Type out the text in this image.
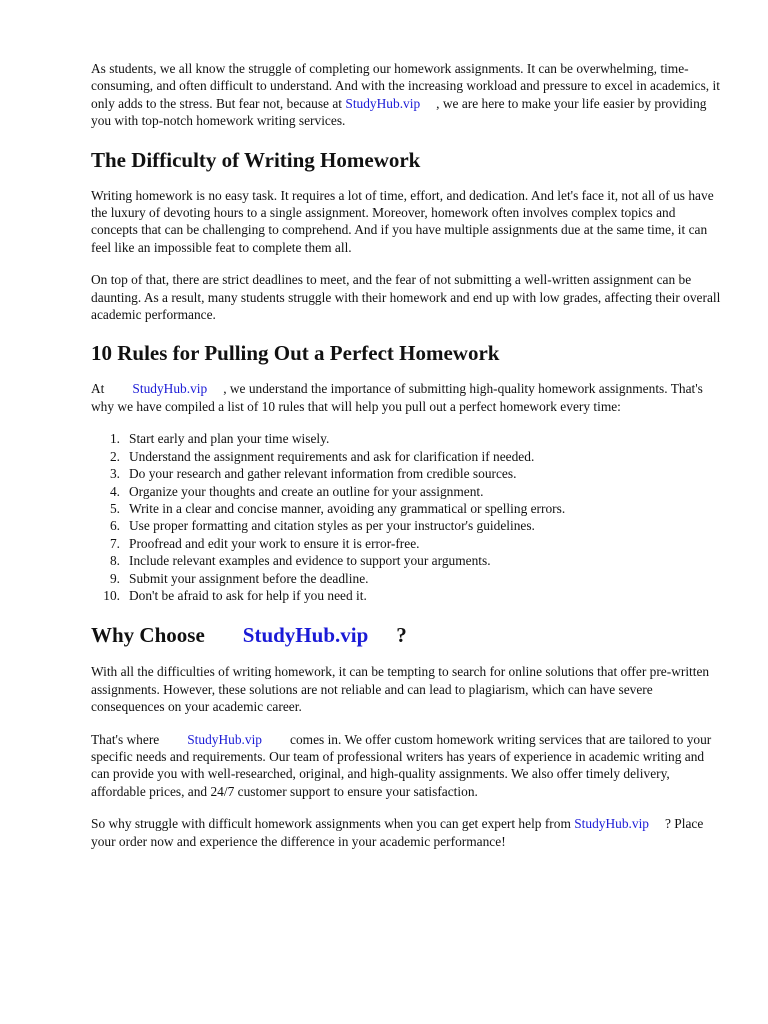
As students, we all know the struggle of completing our homework assignments. It can be overwhelming, time-consuming, and often difficult to understand. And with the increasing workload and pressure to excel in academics, it only adds to the stress. But fear not, because at StudyHub.vip , we are here to make your life easier by providing you with top-notch homework writing services.

The Difficulty of Writing Homework

Writing homework is no easy task. It requires a lot of time, effort, and dedication. And let's face it, not all of us have the luxury of devoting hours to a single assignment. Moreover, homework often involves complex topics and concepts that can be challenging to comprehend. And if you have multiple assignments due at the same time, it can feel like an impossible feat to complete them all.

On top of that, there are strict deadlines to meet, and the fear of not submitting a well-written assignment can be daunting. As a result, many students struggle with their homework and end up with low grades, affecting their overall academic performance.

10 Rules for Pulling Out a Perfect Homework

At StudyHub.vip , we understand the importance of submitting high-quality homework assignments. That's why we have compiled a list of 10 rules that will help you pull out a perfect homework every time:

1. Start early and plan your time wisely.
2. Understand the assignment requirements and ask for clarification if needed.
3. Do your research and gather relevant information from credible sources.
4. Organize your thoughts and create an outline for your assignment.
5. Write in a clear and concise manner, avoiding any grammatical or spelling errors.
6. Use proper formatting and citation styles as per your instructor's guidelines.
7. Proofread and edit your work to ensure it is error-free.
8. Include relevant examples and evidence to support your arguments.
9. Submit your assignment before the deadline.
10. Don't be afraid to ask for help if you need it.
Why Choose StudyHub.vip ?

With all the difficulties of writing homework, it can be tempting to search for online solutions that offer pre-written assignments. However, these solutions are not reliable and can lead to plagiarism, which can have severe consequences on your academic career.

That's where StudyHub.vip comes in. We offer custom homework writing services that are tailored to your specific needs and requirements. Our team of professional writers has years of experience in academic writing and can provide you with well-researched, original, and high-quality assignments. We also offer timely delivery, affordable prices, and 24/7 customer support to ensure your satisfaction.

So why struggle with difficult homework assignments when you can get expert help from StudyHub.vip ? Place your order now and experience the difference in your academic performance!
